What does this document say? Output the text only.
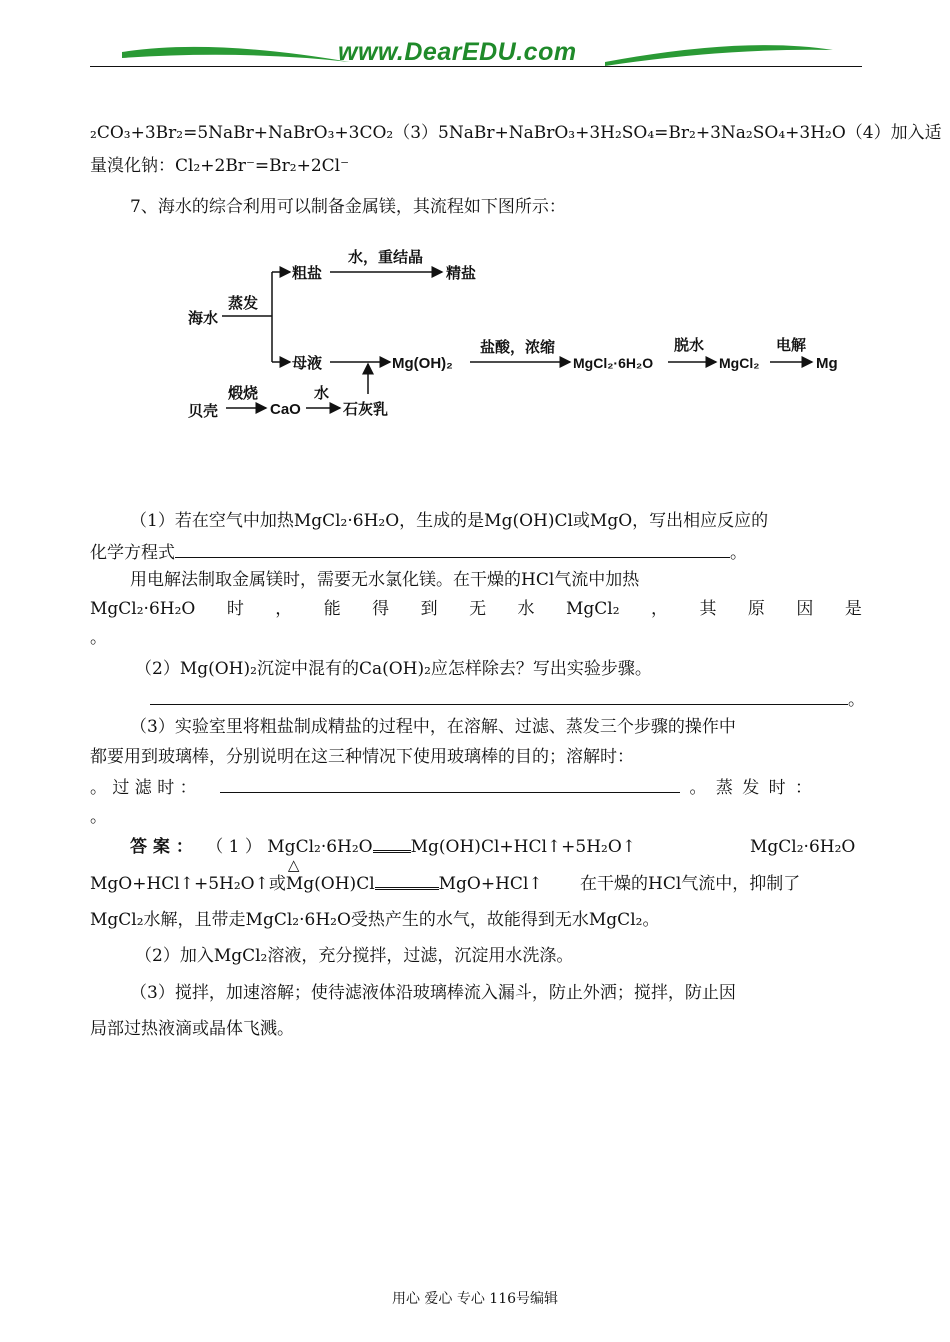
www.DearEDU.com
₂CO₃+3Br₂=5NaBr+NaBrO₃+3CO₂（3）5NaBr+NaBrO₃+3H₂SO₄=Br₂+3Na₂SO₄+3H₂O（4）加入适
量溴化钠：Cl₂+2Br⁻=Br₂+2Cl⁻
7、海水的综合利用可以制备金属镁，其流程如下图所示：
海水
蒸发
粗盐
水，重结晶
精盐
母液	Mg(OH)₂
盐酸，浓缩
MgCl₂·6H₂O
脱水
MgCl₂
电解
Mg
贝壳
煅烧
CaO
水
石灰乳
（1）若在空气中加热MgCl₂·6H₂O，生成的是Mg(OH)Cl或MgO，写出相应反应的
化学方程式	。
用电解法制取金属镁时，需要无水氯化镁。在干燥的HCl气流中加热
MgCl₂·6H₂O 时 ， 能 得 到 无 水 MgCl₂ ， 其 原 因 是
。
（2）Mg(OH)₂沉淀中混有的Ca(OH)₂应怎样除去？写出实验步骤。
。
（3）实验室里将粗盐制成精盐的过程中，在溶解、过滤、蒸发三个步骤的操作中
都要用到玻璃棒，分别说明在这三种情况下使用玻璃棒的目的；溶解时：
。 过 滤 时 ：	。 蒸 发 时 ：
。
答 案 ： （ 1 ） MgCl₂·6H₂O Mg(OH)Cl+HCl↑+5H₂O↑	MgCl₂·6H₂O
MgO+HCl↑+5H₂O↑或
△
Mg(OH)Cl	MgO+HCl↑ 在干燥的HCl气流中，抑制了
MgCl₂水解，且带走MgCl₂·6H₂O受热产生的水气，故能得到无水MgCl₂。
（2）加入MgCl₂溶液，充分搅拌，过滤，沉淀用水洗涤。
（3）搅拌，加速溶解；使待滤液体沿玻璃棒流入漏斗，防止外洒；搅拌，防止因
局部过热液滴或晶体飞溅。
用心 爱心 专心 116号编辑
